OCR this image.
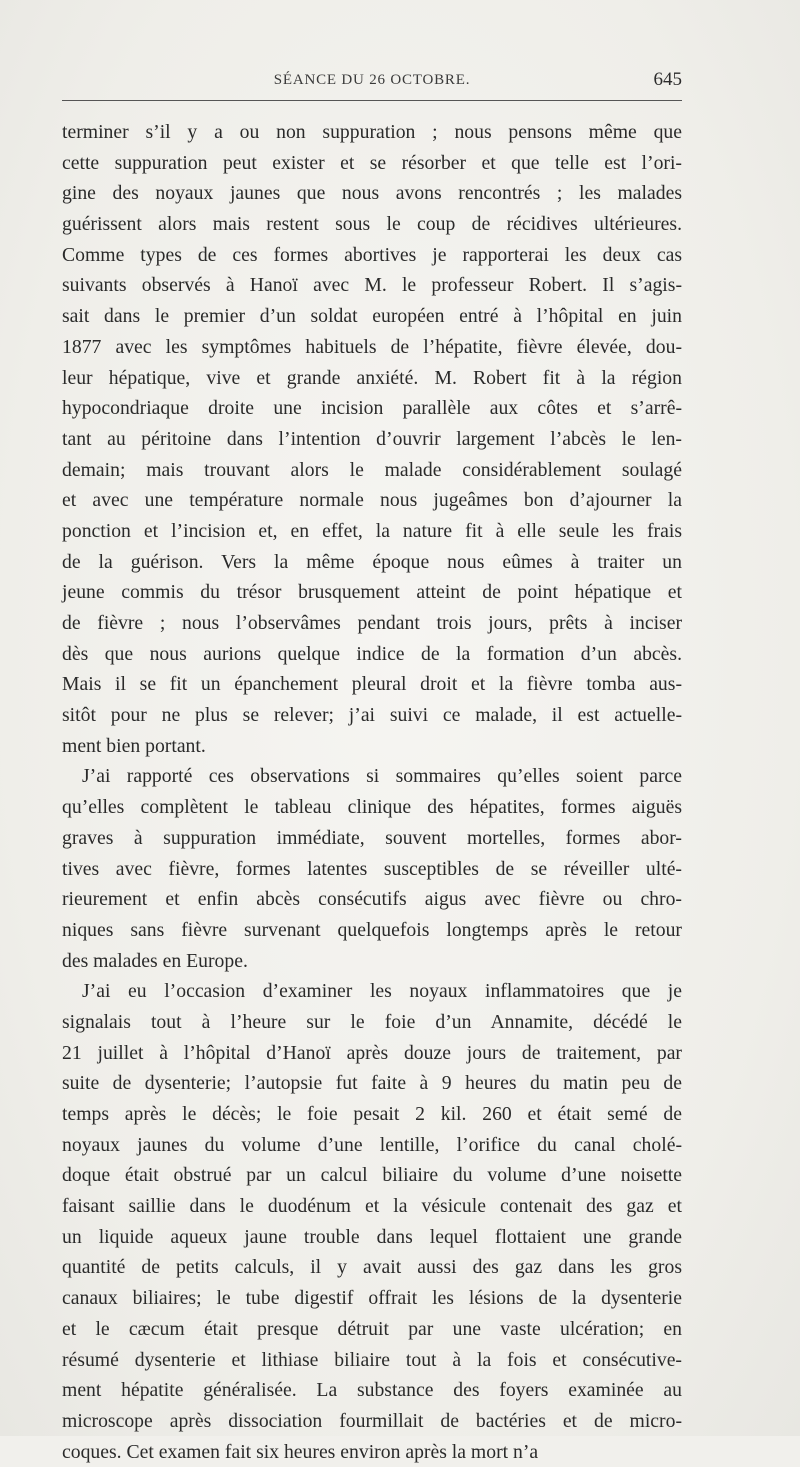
SÉANCE DU 26 OCTOBRE.	645
terminer s’il y a ou non suppuration ; nous pensons même que
cette suppuration peut exister et se résorber et que telle est l’ori-
gine des noyaux jaunes que nous avons rencontrés ; les malades
guérissent alors mais restent sous le coup de récidives ultérieures.
Comme types de ces formes abortives je rapporterai les deux cas
suivants observés à Hanoï avec M. le professeur Robert. Il s’agis-
sait dans le premier d’un soldat européen entré à l’hôpital en juin
1877 avec les symptômes habituels de l’hépatite, fièvre élevée, dou-
leur hépatique, vive et grande anxiété. M. Robert fit à la région
hypocondriaque droite une incision parallèle aux côtes et s’arrê-
tant au péritoine dans l’intention d’ouvrir largement l’abcès le len-
demain; mais trouvant alors le malade considérablement soulagé
et avec une température normale nous jugeâmes bon d’ajourner la
ponction et l’incision et, en effet, la nature fit à elle seule les frais
de la guérison. Vers la même époque nous eûmes à traiter un
jeune commis du trésor brusquement atteint de point hépatique et
de fièvre ; nous l’observâmes pendant trois jours, prêts à inciser
dès que nous aurions quelque indice de la formation d’un abcès.
Mais il se fit un épanchement pleural droit et la fièvre tomba aus-
sitôt pour ne plus se relever; j’ai suivi ce malade, il est actuelle-
ment bien portant.
J’ai rapporté ces observations si sommaires qu’elles soient parce
qu’elles complètent le tableau clinique des hépatites, formes aiguës
graves à suppuration immédiate, souvent mortelles, formes abor-
tives avec fièvre, formes latentes susceptibles de se réveiller ulté-
rieurement et enfin abcès consécutifs aigus avec fièvre ou chro-
niques sans fièvre survenant quelquefois longtemps après le retour
des malades en Europe.
J’ai eu l’occasion d’examiner les noyaux inflammatoires que je
signalais tout à l’heure sur le foie d’un Annamite, décédé le
21 juillet à l’hôpital d’Hanoï après douze jours de traitement, par
suite de dysenterie; l’autopsie fut faite à 9 heures du matin peu de
temps après le décès; le foie pesait 2 kil. 260 et était semé de
noyaux jaunes du volume d’une lentille, l’orifice du canal cholé-
doque était obstrué par un calcul biliaire du volume d’une noisette
faisant saillie dans le duodénum et la vésicule contenait des gaz et
un liquide aqueux jaune trouble dans lequel flottaient une grande
quantité de petits calculs, il y avait aussi des gaz dans les gros
canaux biliaires; le tube digestif offrait les lésions de la dysenterie
et le cæcum était presque détruit par une vaste ulcération; en
résumé dysenterie et lithiase biliaire tout à la fois et consécutive-
ment hépatite généralisée. La substance des foyers examinée au
microscope après dissociation fourmillait de bactéries et de micro-
coques. Cet examen fait six heures environ après la mort n’a
